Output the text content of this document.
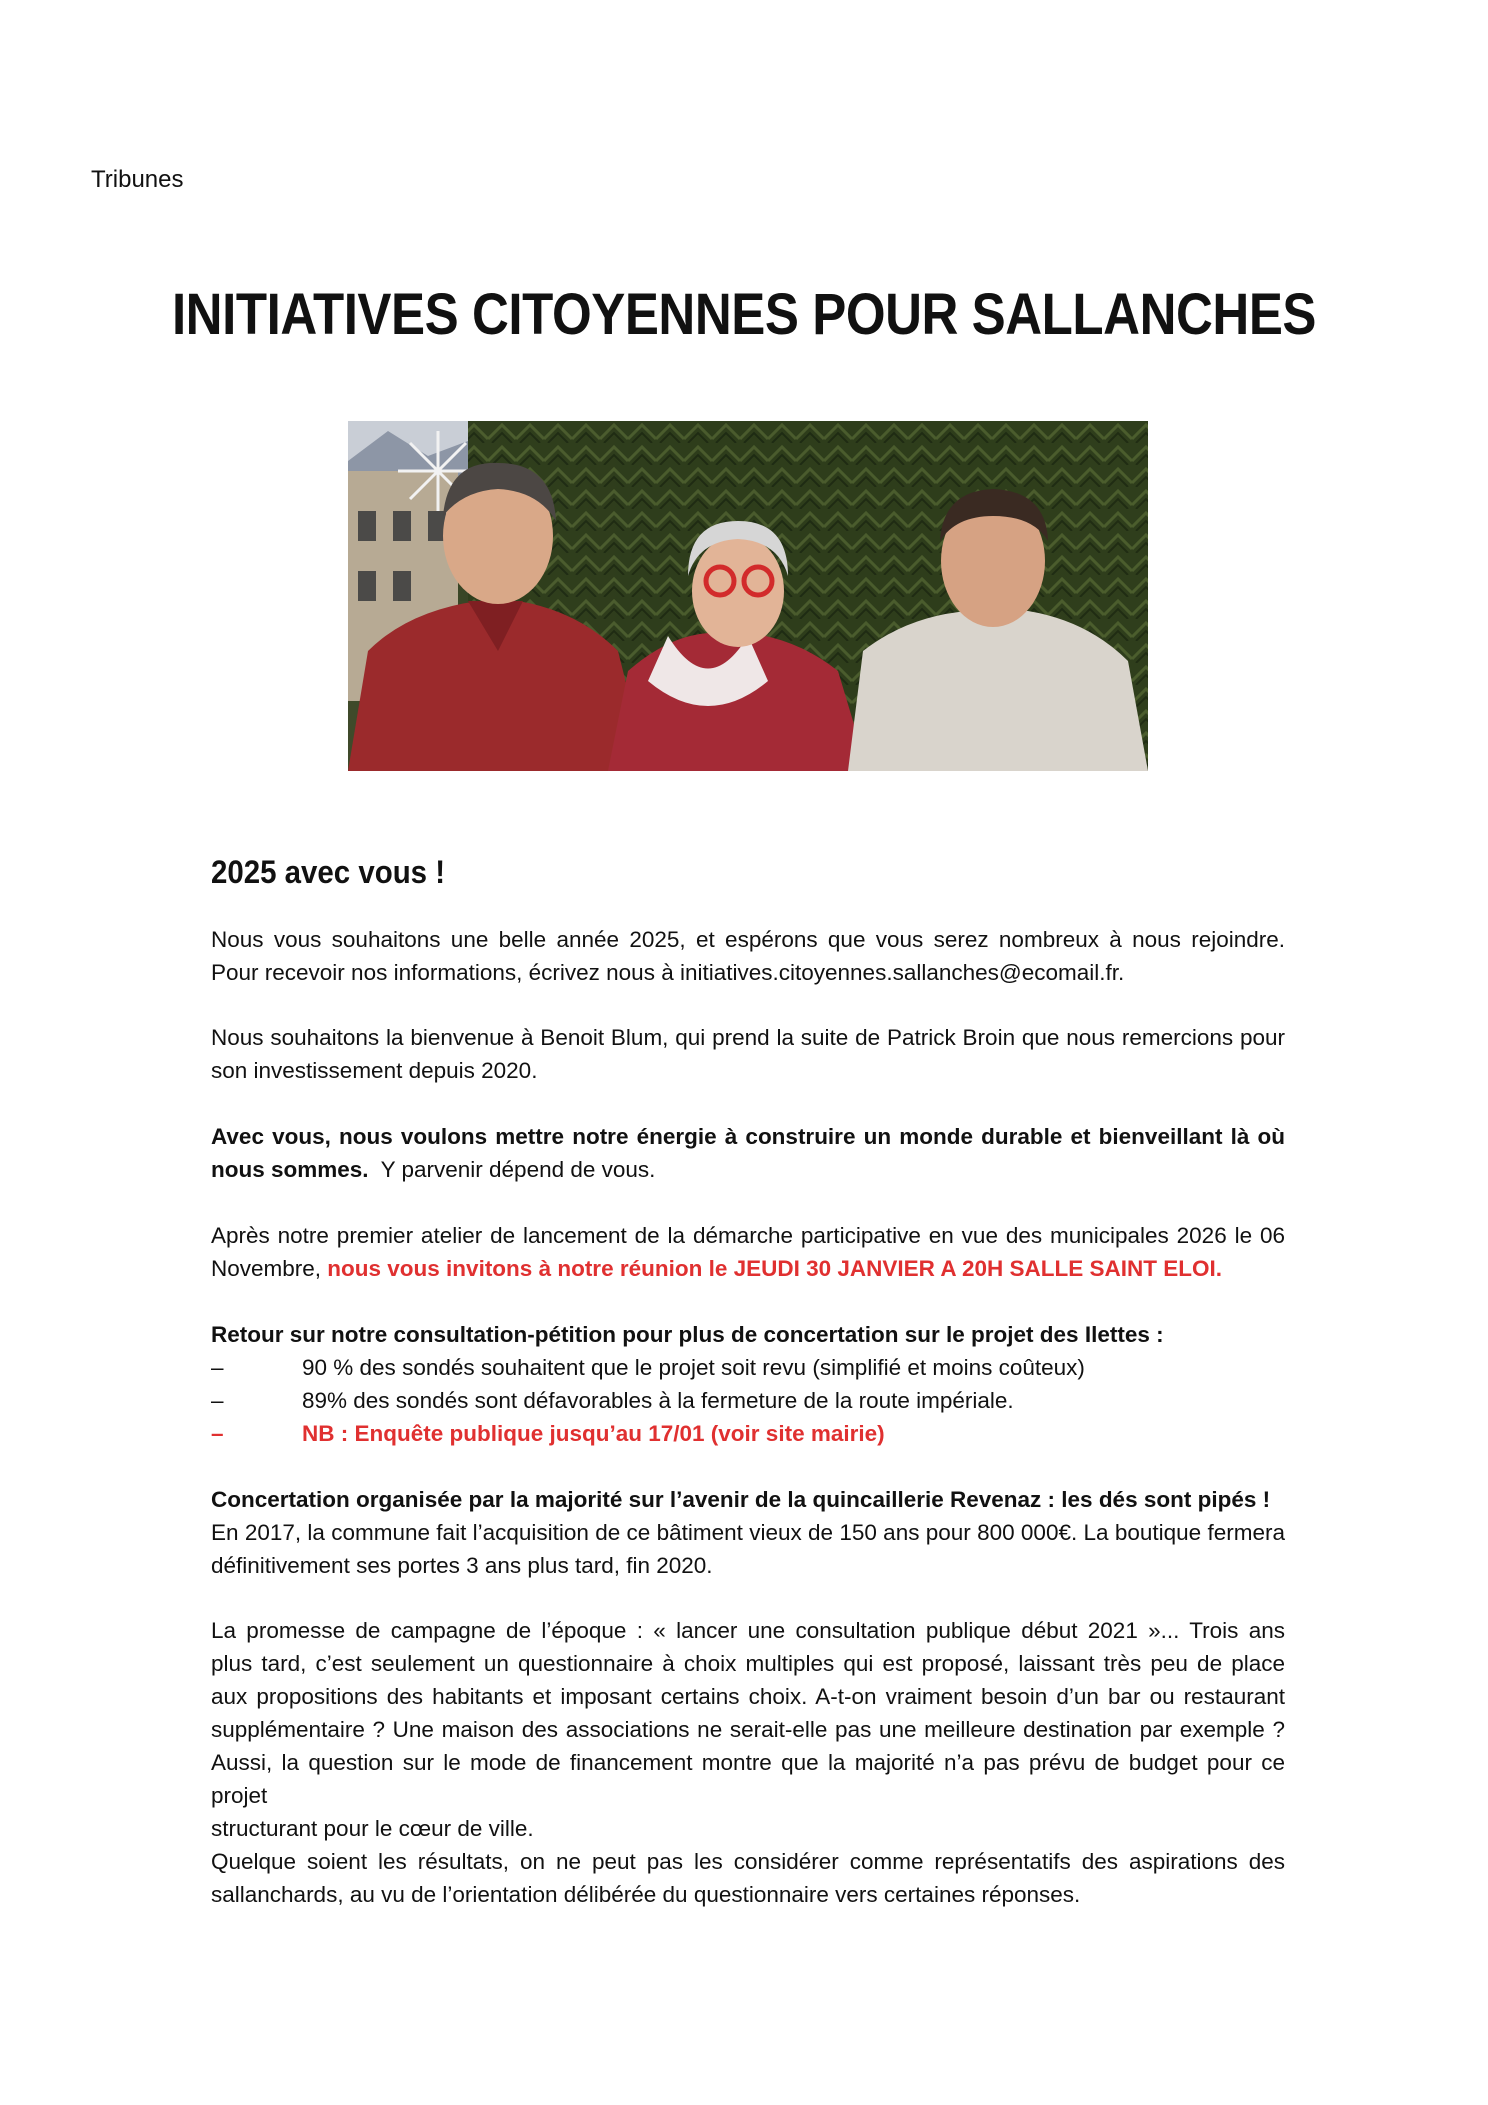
Tribunes
INITIATIVES CITOYENNES POUR SALLANCHES
2025 avec vous !

Nous vous souhaitons une belle année 2025, et espérons que vous serez nombreux à nous rejoindre.
Pour recevoir nos informations, écrivez nous à initiatives.citoyennes.sallanches@ecomail.fr.

Nous souhaitons la bienvenue à Benoit Blum, qui prend la suite de Patrick Broin que nous remercions pour
son investissement depuis 2020.

Avec vous, nous voulons mettre notre énergie à construire un monde durable et bienveillant là où
nous sommes.  Y parvenir dépend de vous.

Après notre premier atelier de lancement de la démarche participative en vue des municipales 2026 le 06
Novembre, nous vous invitons à notre réunion le JEUDI 30 JANVIER A 20H SALLE SAINT ELOI.

Retour sur notre consultation-pétition pour plus de concertation sur le projet des Ilettes :

–	90 % des sondés souhaitent que le projet soit revu (simplifié et moins coûteux)
–	89% des sondés sont défavorables à la fermeture de la route impériale.
–	NB : Enquête publique jusqu’au 17/01 (voir site mairie)

Concertation organisée par la majorité sur l’avenir de la quincaillerie Revenaz : les dés sont pipés !
En 2017, la commune fait l’acquisition de ce bâtiment vieux de 150 ans pour 800 000€. La boutique fermera
définitivement ses portes 3 ans plus tard, fin 2020.

La promesse de campagne de l’époque : « lancer une consultation publique début 2021 »... Trois ans
plus tard, c’est seulement un questionnaire à choix multiples qui est proposé, laissant très peu de place
aux propositions des habitants et imposant certains choix. A-t-on vraiment besoin d’un bar ou restaurant
supplémentaire ? Une maison des associations ne serait-elle pas une meilleure destination par exemple ?
Aussi, la question sur le mode de financement montre que la majorité n’a pas prévu de budget pour ce projet
structurant pour le cœur de ville.

Quelque soient les résultats, on ne peut pas les considérer comme représentatifs des aspirations des
sallanchards, au vu de l’orientation délibérée du questionnaire vers certaines réponses.
